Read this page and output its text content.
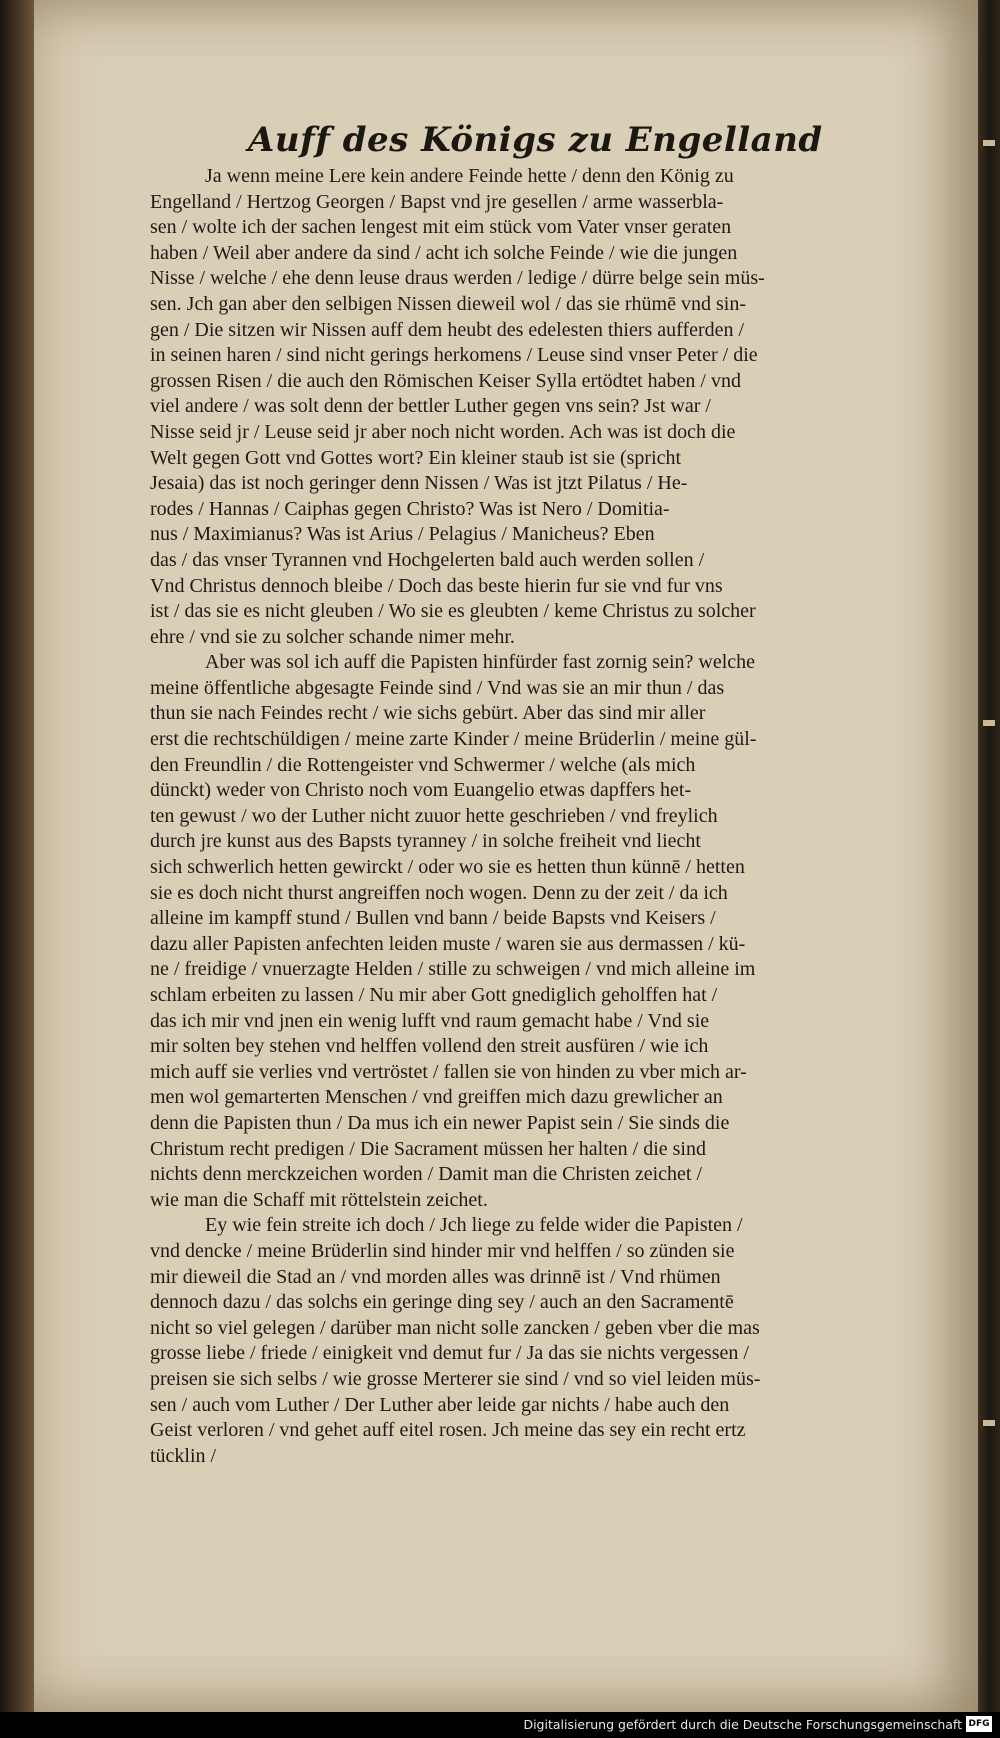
Auff des Königs zu Engelland
Ja wenn meine Lere kein andere Feinde hette / denn den König zu
Engelland / Hertzog Georgen / Bapst vnd jre gesellen / arme wasserbla-
sen / wolte ich der sachen lengest mit eim stück vom Vater vnser geraten
haben / Weil aber andere da sind / acht ich solche Feinde / wie die jungen
Nisse / welche / ehe denn leuse draus werden / ledige / dürre belge sein müs-
sen. Jch gan aber den selbigen Nissen dieweil wol / das sie rhümē vnd sin-
gen / Die sitzen wir Nissen auff dem heubt des edelesten thiers aufferden /
in seinen haren / sind nicht gerings herkomens / Leuse sind vnser Peter / die
grossen Risen / die auch den Römischen Keiser Sylla ertödtet haben / vnd
viel andere / was solt denn der bettler Luther gegen vns sein? Jst war /
Nisse seid jr / Leuse seid jr aber noch nicht worden. Ach was ist doch die
Welt gegen Gott vnd Gottes wort? Ein kleiner staub ist sie (spricht
Jesaia) das ist noch geringer denn Nissen / Was ist jtzt Pilatus / He-
rodes / Hannas / Caiphas gegen Christo? Was ist Nero / Domitia-
nus / Maximianus? Was ist Arius / Pelagius / Manicheus? Eben
das / das vnser Tyrannen vnd Hochgelerten bald auch werden sollen /
Vnd Christus dennoch bleibe / Doch das beste hierin fur sie vnd fur vns
ist / das sie es nicht gleuben / Wo sie es gleubten / keme Christus zu solcher
ehre / vnd sie zu solcher schande nimer mehr.
Aber was sol ich auff die Papisten hinfürder fast zornig sein? welche
meine öffentliche abgesagte Feinde sind / Vnd was sie an mir thun / das
thun sie nach Feindes recht / wie sichs gebürt. Aber das sind mir aller
erst die rechtschüldigen / meine zarte Kinder / meine Brüderlin / meine gül-
den Freundlin / die Rottengeister vnd Schwermer / welche (als mich
dünckt) weder von Christo noch vom Euangelio etwas dapffers het-
ten gewust / wo der Luther nicht zuuor hette geschrieben / vnd freylich
durch jre kunst aus des Bapsts tyranney / in solche freiheit vnd liecht
sich schwerlich hetten gewirckt / oder wo sie es hetten thun künnē / hetten
sie es doch nicht thurst angreiffen noch wogen. Denn zu der zeit / da ich
alleine im kampff stund / Bullen vnd bann / beide Bapsts vnd Keisers /
dazu aller Papisten anfechten leiden muste / waren sie aus dermassen / kü-
ne / freidige / vnuerzagte Helden / stille zu schweigen / vnd mich alleine im
schlam erbeiten zu lassen / Nu mir aber Gott gnediglich geholffen hat /
das ich mir vnd jnen ein wenig lufft vnd raum gemacht habe / Vnd sie
mir solten bey stehen vnd helffen vollend den streit ausfüren / wie ich
mich auff sie verlies vnd vertröstet / fallen sie von hinden zu vber mich ar-
men wol gemarterten Menschen / vnd greiffen mich dazu grewlicher an
denn die Papisten thun / Da mus ich ein newer Papist sein / Sie sinds die
Christum recht predigen / Die Sacrament müssen her halten / die sind
nichts denn merckzeichen worden / Damit man die Christen zeichet /
wie man die Schaff mit röttelstein zeichet.
Ey wie fein streite ich doch / Jch liege zu felde wider die Papisten /
vnd dencke / meine Brüderlin sind hinder mir vnd helffen / so zünden sie
mir dieweil die Stad an / vnd morden alles was drinnē ist / Vnd rhümen
dennoch dazu / das solchs ein geringe ding sey / auch an den Sacramentē
nicht so viel gelegen / darüber man nicht solle zancken / geben vber die mas
grosse liebe / friede / einigkeit vnd demut fur / Ja das sie nichts vergessen /
preisen sie sich selbs / wie grosse Merterer sie sind / vnd so viel leiden müs-
sen / auch vom Luther / Der Luther aber leide gar nichts / habe auch den
Geist verloren / vnd gehet auff eitel rosen. Jch meine das sey ein recht ertz
tücklin /
Digitalisierung gefördert durch die Deutsche Forschungsgemeinschaft DFG
